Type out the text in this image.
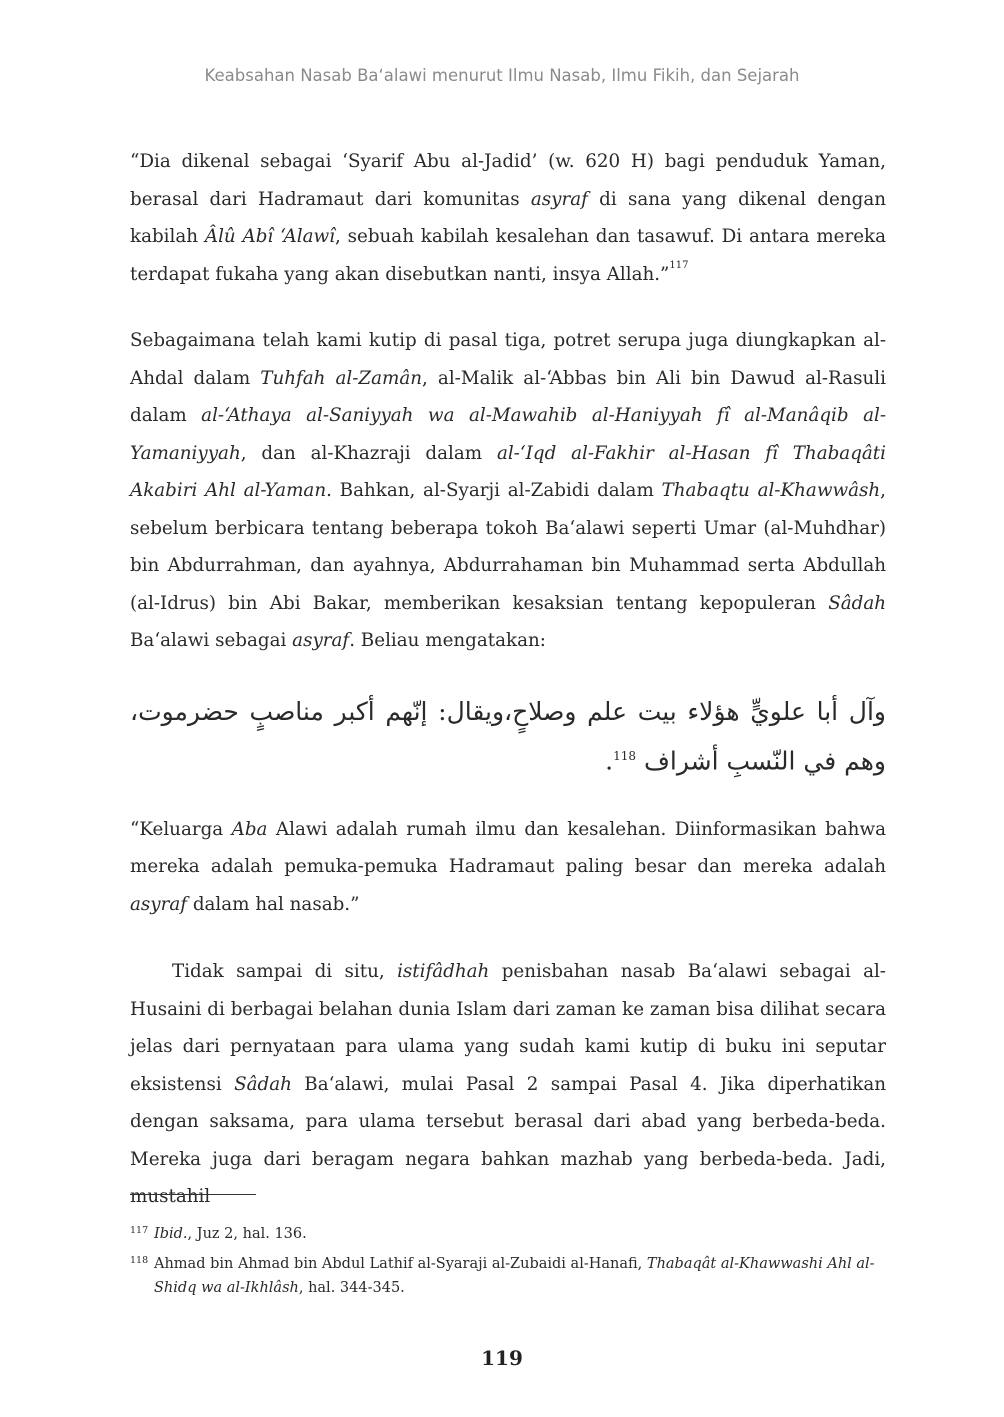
Keabsahan Nasab Ba‘alawi menurut Ilmu Nasab, Ilmu Fikih, dan Sejarah

“Dia dikenal sebagai ‘Syarif Abu al-Jadid’ (w. 620 H) bagi penduduk Yaman, berasal dari Hadramaut dari komunitas asyraf di sana yang dikenal dengan kabilah Âlû Abî ‘Alawî, sebuah kabilah kesalehan dan tasawuf. Di antara mereka terdapat fukaha yang akan disebutkan nanti, insya Allah.”$^{117}$

Sebagaimana telah kami kutip di pasal tiga, potret serupa juga diungkapkan al-Ahdal dalam Tuhfah al-Zamân, al-Malik al-‘Abbas bin Ali bin Dawud al-Rasuli dalam al-‘Athaya al-Saniyyah wa al-Mawahib al-Haniyyah fî al-Manâqib al-Yamaniyyah, dan al-Khazraji dalam al-‘Iqd al-Fakhir al-Hasan fî Thabaqâti Akabiri Ahl al-Yaman. Bahkan, al-Syarji al-Zabidi dalam Thabaqtu al-Khawwâsh, sebelum berbicara tentang beberapa tokoh Ba‘alawi seperti Umar (al-Muhdhar) bin Abdurrahman, dan ayahnya, Abdurrahaman bin Muhammad serta Abdullah (al-Idrus) bin Abi Bakar, memberikan kesaksian tentang kepopuleran Sâdah Ba‘alawi sebagai asyraf. Beliau mengatakan:

وآل أبا علويٍّ هؤلاء بيت علم وصلاحٍ،ويقال: إنّهم أكبر مناصبٍ حضرموت، وهم في النّسبِ أشراف $^{118}$.

“Keluarga Aba Alawi adalah rumah ilmu dan kesalehan. Diinformasikan bahwa mereka adalah pemuka-pemuka Hadramaut paling besar dan mereka adalah asyraf dalam hal nasab.”

Tidak sampai di situ, istifâdhah penisbahan nasab Ba‘alawi sebagai al-Husaini di berbagai belahan dunia Islam dari zaman ke zaman bisa dilihat secara jelas dari pernyataan para ulama yang sudah kami kutip di buku ini seputar eksistensi Sâdah Ba‘alawi, mulai Pasal 2 sampai Pasal 4. Jika diperhatikan dengan saksama, para ulama tersebut berasal dari abad yang berbeda-beda. Mereka juga dari beragam negara bahkan mazhab yang berbeda-beda. Jadi, mustahil

117 Ibid., Juz 2, hal. 136.
118 Ahmad bin Ahmad bin Abdul Lathif al-Syaraji al-Zubaidi al-Hanafi, Thabaqât al-Khawwashi Ahl al-Shidq wa al-Ikhlâsh, hal. 344-345.
119
